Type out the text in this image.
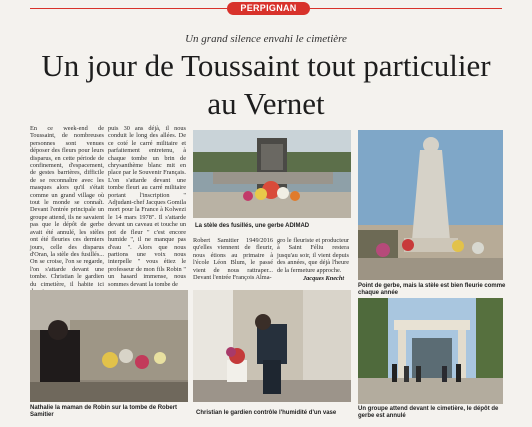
PERPIGNAN
Un grand silence envahi le cimetière
Un jour de Toussaint tout particulier au Vernet
En ce week-end de Toussaint, de nombreuses personnes sont venues déposer des fleurs pour leurs disparus, en cette période de confinement, d'espacement, de gestes barrières, difficile de se reconnaître avec les masques alors qu'il s'était comme un grand village où tout le monde se connaît. Devant l'entrée principale un groupe attend, ils ne savaient pas que le dépôt de gerbe avait été annulé, les stèles ont été fleuries ces derniers jours, celle des disparus d'Oran, la stèle des fusillés... On se croise, l'on se regarde, l'on s'attarde devant une tombe. Christian le gardien du cimetière, il habite ici
puis 30 ans déjà, il nous conduit le long des allées. De ce coté le carré militaire et parfaitement entretenu, à chaque tombe un brin de chrysanthème blanc mit en place par le Souvenir Français. L'on s'attarde devant une tombe fleuri au carré militaire portant l'inscription " Adjudant-chef Jacques Gomila mort pour la France à Kolwezi le 14 mars 1978". Il s'attarde devant un caveau et touche un pot de fleur " c'est encore humide ", il ne manque pas d'eau ". Alors que nous partions une voix nous interpelle " vous étiez le professeur de mon fils Robin " un hasard immense, nous sommes devant la tombe de
Robert Samitier 1949/2016 qu'elles viennent de fleurir, nous étions au primaire à l'école Léon Blum, le passé vient de nous rattraper... Devant l'entrée François Alma-
gro le fleuriste et producteur à Saint Féliu restera jusqu'au soir, il vient depuis des années, que déjà l'heure de la fermeture approche.
Jacques Knecht
La stèle des fusillés, une gerbe ADIMAD
Point de gerbe, mais la stèle est bien fleurie comme chaque année
Nathalie la maman de Robin sur la tombe de Robert Samitier	Christian le gardien contrôle l'humidité d'un vase
Un groupe attend devant le cimetière, le dépôt de gerbe est annulé
